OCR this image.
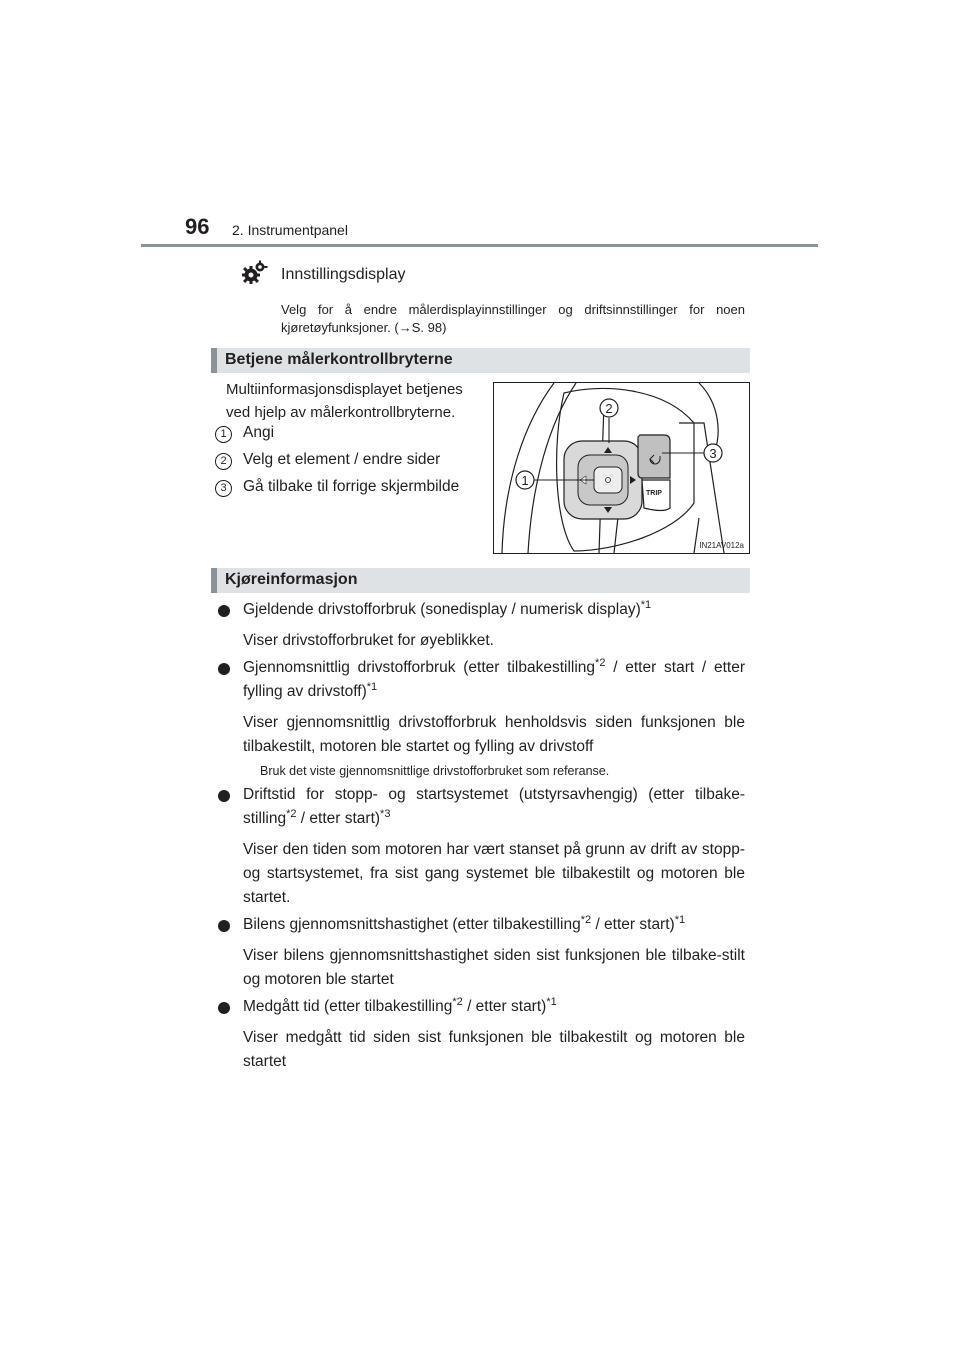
96 2. Instrumentpanel
Innstillingsdisplay
Velg for å endre målerdisplayinnstillinger og driftsinnstillinger for noen kjøretøyfunksjoner. (→S. 98)
Betjene målerkontrollbryterne
Multiinformasjonsdisplayet betjenes ved hjelp av målerkontrollbryterne.
1	Angi
2	Velg et element / endre sider
3	Gå tilbake til forrige skjermbilde	TRIP
2
1
3
IN21AV012a
Kjøreinformasjon
Gjeldende drivstofforbruk (sonedisplay / numerisk display)$^{*1}$
Viser drivstofforbruket for øyeblikket.
Gjennomsnittlig drivstofforbruk (etter tilbakestilling$^{*2}$ / etter start / etter fylling av drivstoff)$^{*1}$
Viser gjennomsnittlig drivstofforbruk henholdsvis siden funksjonen ble tilbakestilt, motoren ble startet og fylling av drivstoff
Bruk det viste gjennomsnittlige drivstofforbruket som referanse.
Driftstid for stopp- og startsystemet (utstyrsavhengig) (etter tilbake-stilling$^{*2}$ / etter start)$^{*3}$
Viser den tiden som motoren har vært stanset på grunn av drift av stopp- og startsystemet, fra sist gang systemet ble tilbakestilt og motoren ble startet.
Bilens gjennomsnittshastighet (etter tilbakestilling$^{*2}$ / etter start)$^{*1}$
Viser bilens gjennomsnittshastighet siden sist funksjonen ble tilbake-stilt og motoren ble startet
Medgått tid (etter tilbakestilling$^{*2}$ / etter start)$^{*1}$
Viser medgått tid siden sist funksjonen ble tilbakestilt og motoren ble startet
